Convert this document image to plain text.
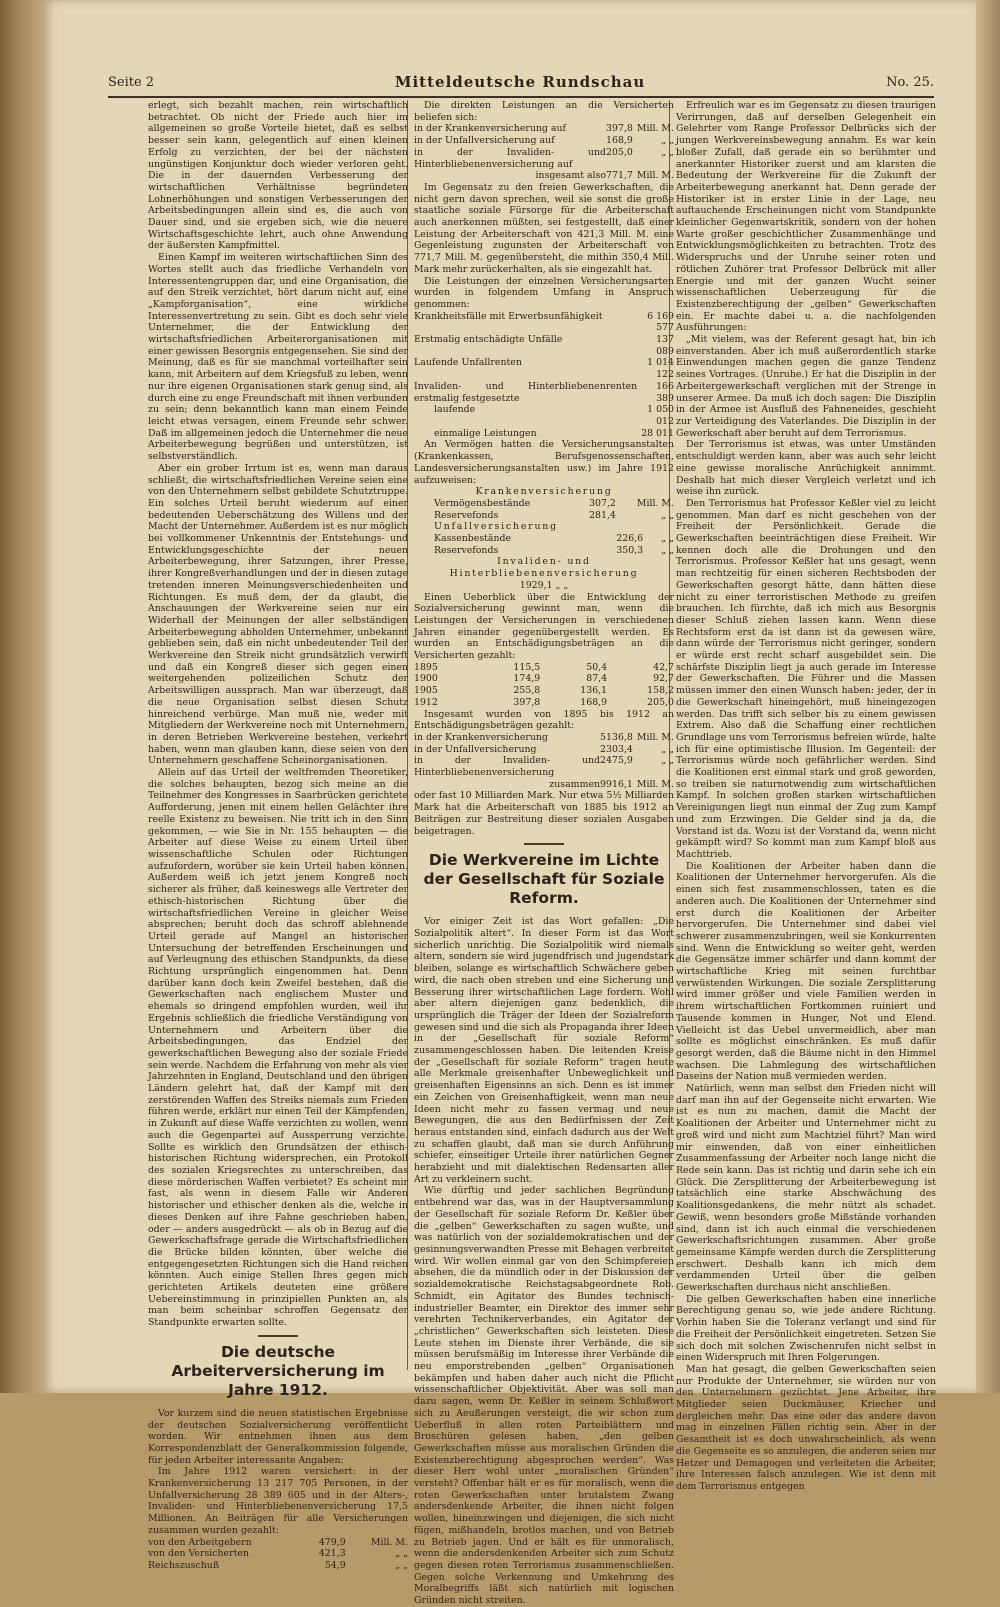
Seite 2	Mitteldeutsche Rundschau	No. 25.

erlegt, sich bezahlt machen, rein wirtschaftlich betrachtet. Ob nicht der Friede auch hier im allgemeinen so große Vorteile bietet, daß es selbst besser sein kann, gelegentlich auf einen kleinen Erfolg zu verzichten, der bei der nächsten ungünstigen Konjunktur doch wieder verloren geht. Die in der dauernden Verbesserung der wirtschaftlichen Verhältnisse begründeten Lohnerhöhungen und sonstigen Verbesserungen der Arbeitsbedingungen allein sind es, die auch von Dauer sind, und sie ergeben sich, wie die neuere Wirtschaftsgeschichte lehrt, auch ohne Anwendung der äußersten Kampfmittel.

Einen Kampf im weiteren wirtschaftlichen Sinn des Wortes stellt auch das friedliche Verhandeln von Interessentengruppen dar, und eine Organisation, die auf den Streik verzichtet, hört darum nicht auf, eine „Kampforganisation“, eine wirkliche Interessenvertretung zu sein. Gibt es doch sehr viele Unternehmer, die der Entwicklung der wirtschaftsfriedlichen Arbeiterorganisationen mit einer gewissen Besorgnis entgegensehen. Sie sind der Meinung, daß es für sie manchmal vorteilhafter sein kann, mit Arbeitern auf dem Kriegsfuß zu leben, wenn nur ihre eigenen Organisationen stark genug sind, als durch eine zu enge Freundschaft mit ihnen verbunden zu sein; denn bekanntlich kann man einem Feinde leicht etwas versagen, einem Freunde sehr schwer. Daß im allgemeinen jedoch die Unternehmer die neue Arbeiterbewegung begrüßen und unterstützen, ist selbstverständlich.

Aber ein grober Irrtum ist es, wenn man daraus schließt, die wirtschaftsfriedlichen Vereine seien eine von den Unternehmern selbst gebildete Schutztruppe. Ein solches Urteil beruht wiederum auf einer bedeutenden Ueberschätzung des Willens und der Macht der Unternehmer. Außerdem ist es nur möglich bei vollkommener Unkenntnis der Entstehungs- und Entwicklungsgeschichte der neuen Arbeiterbewegung, ihrer Satzungen, ihrer Presse, ihrer Kongreßverhandlungen und der in diesen zutage tretenden inneren Meinungsverschiedenheiten und Richtungen. Es muß dem, der da glaubt, die Anschauungen der Werkvereine seien nur ein Widerhall der Meinungen der aller selbständigen Arbeiterbewegung abholden Unternehmer, unbekannt geblieben sein, daß ein nicht unbedeutender Teil der Werkvereine den Streik nicht grundsätzlich verwirft und daß ein Kongreß dieser sich gegen einen weitergehenden polizeilichen Schutz der Arbeitswilligen aussprach. Man war überzeugt, daß die neue Organisation selbst diesen Schutz hinreichend verbürge. Man muß nie, weder mit Mitgliedern der Werkvereine noch mit Unternehmern, in deren Betrieben Werkvereine bestehen, verkehrt haben, wenn man glauben kann, diese seien von den Unternehmern geschaffene Scheinorganisationen.

Allein auf das Urteil der weltfremden Theoretiker, die solches behaupten, bezog sich meine an die Teilnehmer des Kongresses in Saarbrücken gerichtete Aufforderung, jenen mit einem hellen Gelächter ihre reelle Existenz zu beweisen. Nie tritt ich in den Sinn gekommen, — wie Sie in Nr. 155 behaupten — die Arbeiter auf diese Weise zu einem Urteil über wissenschaftliche Schulen oder Richtungen aufzufordern, worüber sie kein Urteil haben können. Außerdem weiß ich jetzt jenem Kongreß noch sicherer als früher, daß keineswegs alle Vertreter der ethisch-historischen Richtung über die wirtschaftsfriedlichen Vereine in gleicher Weise absprechen; beruht doch das schroff ablehnende Urteil gerade auf Mangel an historischer Untersuchung der betreffenden Erscheinungen und auf Verleugnung des ethischen Standpunkts, da diese Richtung ursprünglich eingenommen hat. Denn darüber kann doch kein Zweifel bestehen, daß die Gewerkschaften nach englischem Muster und ehemals so dringend empfohlen wurden, weil ihr Ergebnis schließlich die friedliche Verständigung von Unternehmern und Arbeitern über die Arbeitsbedingungen, das Endziel der gewerkschaftlichen Bewegung also der soziale Friede sein werde. Nachdem die Erfahrung von mehr als vier Jahrzehnten in England, Deutschland und den übrigen Ländern gelehrt hat, daß der Kampf mit den zerstörenden Waffen des Streiks niemals zum Frieden führen werde, erklärt nur einen Teil der Kämpfenden, in Zukunft auf diese Waffe verzichten zu wollen, wenn auch die Gegenpartei auf Aussperrung verzichte. Sollte es wirklich den Grundsätzen der ethisch-historischen Richtung widersprechen, ein Protokoll des sozialen Kriegsrechtes zu unterschreiben, das diese mörderischen Waffen verbietet? Es scheint mir fast, als wenn in diesem Falle wir Anderen historischer und ethischer denken als die, welche in dieses Denken auf ihre Fahne geschrieben haben, oder — anders ausgedrückt — als ob in Bezug auf die Gewerkschaftsfrage gerade die Wirtschaftsfriedlichen die Brücke bilden könnten, über welche die entgegengesetzten Richtungen sich die Hand reichen könnten. Auch einige Stellen Ihres gegen mich gerichteten Artikels deuteten eine größere Uebereinstimmung in prinzipiellen Punkten an, als man beim scheinbar schroffen Gegensatz der Standpunkte erwarten sollte.

Die deutsche Arbeiterversicherung im Jahre 1912.

Vor kurzem sind die neuen statistischen Ergebnisse der deutschen Sozialversicherung veröffentlicht worden. Wir entnehmen ihnen aus dem Korrespondenzblatt der Generalkommission folgende, für jeden Arbeiter interessante Angaben:

Im Jahre 1912 waren versichert: in der Krankenversicherung 13 217 705 Personen, in der Unfallversicherung 28 389 605 und in der Alters-, Invaliden- und Hinterbliebenenversicherung 17,5 Millionen. An Beiträgen für alle Versicherungen zusammen wurden gezahlt:

von den Arbeitgebern	479,9	Mill. M.
von den Versicherten	421,3	„ „
Reichszuschuß	54,9	„ „

Die direkten Leistungen an die Versicherten beliefen sich:

in der Krankenversicherung auf	397,8	Mill. M.
in der Unfallversicherung auf	168,9	„ „
in der Invaliden- und Hinterbliebenenversicherung auf	205,0	„ „
insgesamt also	771,7	Mill. M.

Im Gegensatz zu den freien Gewerkschaften, die nicht gern davon sprechen, weil sie sonst die große staatliche soziale Fürsorge für die Arbeiterschaft auch anerkennen müßten, sei festgestellt, daß einer Leistung der Arbeiterschaft von 421,3 Mill. M. eine Gegenleistung zugunsten der Arbeiterschaft von 771,7 Mill. M. gegenübersteht, die mithin 350,4 Mill. Mark mehr zurückerhalten, als sie eingezahlt hat.

Die Leistungen der einzelnen Versicherungsarten wurden in folgendem Umfang in Anspruch genommen:

Krankheitsfälle mit Erwerbsunfähigkeit	6 169 577
Erstmalig entschädigte Unfälle	137 089
Laufende Unfallrenten	1 014 122
Invaliden- und Hinterbliebenenrenten erstmalig festgesetzte	166 389
laufende	1 050 012
einmalige Leistungen	28 011

An Vermögen hatten die Versicherungsanstalten (Krankenkassen, Berufsgenossenschaften, Landesversicherungsanstalten usw.) im Jahre 1912 aufzuweisen:

Krankenversicherung

Vermögensbestände	307,2	Mill. M.
Reservefonds	281,4	„ „

Unfallversicherung

Kassenbestände	226,6	„ „
Reservefonds	350,3	„ „

Invaliden- und Hinterbliebenenversicherung

1929,1 „ „

Einen Ueberblick über die Entwicklung der Sozialversicherung gewinnt man, wenn die Leistungen der Versicherungen in verschiedenen Jahren einander gegenübergestellt werden. Es wurden an Entschädigungsbeträgen an die Versicherten gezahlt:

1895	115,5	50,4	42,7
1900	174,9	87,4	92,7
1905	255,8	136,1	158,2
1912	397,8	168,9	205,0

Insgesamt wurden von 1895 bis 1912 an Entschädigungsbeträgen gezahlt:

in der Krankenversicherung	5136,8	Mill. M.
in der Unfallversicherung	2303,4	„ „
in der Invaliden- und Hinterbliebenenversicherung	2475,9	„ „
zusammen	9916,1	Mill. M.

oder fast 10 Milliarden Mark. Nur etwa 5½ Milliarden Mark hat die Arbeiterschaft von 1885 bis 1912 an Beiträgen zur Bestreitung dieser sozialen Ausgaben beigetragen.

Die Werkvereine im Lichte der Gesellschaft für Soziale Reform.

Vor einiger Zeit ist das Wort gefallen: „Die Sozialpolitik altert“. In dieser Form ist das Wort sicherlich unrichtig. Die Sozialpolitik wird niemals altern, sondern sie wird jugendfrisch und jugendstark bleiben, solange es wirtschaftlich Schwächere geben wird, die nach oben streben und eine Sicherung und Besserung ihrer wirtschaftlichen Lage fordern. Wohl aber altern diejenigen ganz bedenklich, die ursprünglich die Träger der Ideen der Sozialreform gewesen sind und die sich als Propaganda ihrer Ideen in der „Gesellschaft für soziale Reform“ zusammengeschlossen haben. Die leitenden Kreise der „Gesellschaft für soziale Reform“ tragen heute alle Merkmale greisenhafter Unbeweglichkeit und greisenhaften Eigensinns an sich. Denn es ist immer ein Zeichen von Greisenhaftigkeit, wenn man neue Ideen nicht mehr zu fassen vermag und neue Bewegungen, die aus den Bedürfnissen der Zeit heraus entstanden sind, einfach dadurch aus der Welt zu schaffen glaubt, daß man sie durch Anführung schiefer, einseitiger Urteile ihrer natürlichen Gegner herabzieht und mit dialektischen Redensarten aller Art zu verkleinern sucht.

Wie dürftig und jeder sachlichen Begründung entbehrend war das, was in der Hauptversammlung der Gesellschaft für soziale Reform Dr. Keßler über die „gelben“ Gewerkschaften zu sagen wußte, und was natürlich von der sozialdemokratischen und der gesinnungsverwandten Presse mit Behagen verbreitet wird. Wir wollen einmal gar von den Schimpfereien absehen, die da mündlich oder in der Diskussion der sozialdemokratische Reichstagsabgeordnete Rob. Schmidt, ein Agitator des Bundes technisch-industrieller Beamter, ein Direktor des immer sehr verehrten Technikerverbandes, ein Agitator der „christlichen“ Gewerkschaften sich leisteten. Diese Leute stehen im Dienste ihrer Verbände, die sie müssen berufsmäßig im Interesse ihrer Verbände die neu emporstrebenden „gelben“ Organisationen bekämpfen und haben daher auch nicht die Pflicht wissenschaftlicher Objektivität. Aber was soll man dazu sagen, wenn Dr. Keßler in seinem Schlußwort sich zu Aeußerungen versteigt, die wir schon zum Ueberfluß in allen roten Parteiblättern und Broschüren gelesen haben, „den gelben Gewerkschaften müsse aus moralischen Gründen die Existenzberechtigung abgesprochen werden“. Was dieser Herr wohl unter „moralischen Gründen“ versteht? Offenbar hält er es für moralisch, wenn die roten Gewerkschaften unter brutalstem Zwang andersdenkende Arbeiter, die ihnen nicht folgen wollen, hineinzwingen und diejenigen, die sich nicht fügen, mißhandeln, brotlos machen, und von Betrieb zu Betrieb jagen. Und er hält es für unmoralisch, wenn die andersdenkenden Arbeiter sich zum Schutz gegen diesen roten Terrorismus zusammenschließen. Gegen solche Verkennung und Umkehrung des Moralbegriffs läßt sich natürlich mit logischen Gründen nicht streiten.

Erfreulich war es im Gegensatz zu diesen traurigen Verirrungen, daß auf derselben Gelegenheit ein Gelehrter vom Range Professor Delbrücks sich der jungen Werkvereinsbewegung annahm. Es war kein bloßer Zufall, daß gerade ein so berühmter und anerkannter Historiker zuerst und am klarsten die Bedeutung der Werkvereine für die Zukunft der Arbeiterbewegung anerkannt hat. Denn gerade der Historiker ist in erster Linie in der Lage, neu auftauchende Erscheinungen nicht vom Standpunkte kleinlicher Gegenwartskritik, sondern von der hohen Warte großer geschichtlicher Zusammenhänge und Entwicklungsmöglichkeiten zu betrachten. Trotz des Widerspruchs und der Unruhe seiner roten und rötlichen Zuhörer trat Professor Delbrück mit aller Energie und mit der ganzen Wucht seiner wissenschaftlichen Ueberzeugung für die Existenzberechtigung der „gelben“ Gewerkschaften ein. Er machte dabei u. a. die nachfolgenden Ausführungen:

„Mit vielem, was der Referent gesagt hat, bin ich einverstanden. Aber ich muß außerordentlich starke Einwendungen machen gegen die ganze Tendenz seines Vortrages. (Unruhe.) Er hat die Disziplin in der Arbeitergewerkschaft verglichen mit der Strenge in unserer Armee. Da muß ich doch sagen: Die Disziplin in der Armee ist Ausfluß des Fahneneides, geschieht zur Verteidigung des Vaterlandes. Die Disziplin in der Gewerkschaft aber beruht auf dem Terrorismus.

Der Terrorismus ist etwas, was unter Umständen entschuldigt werden kann, aber was auch sehr leicht eine gewisse moralische Anrüchigkeit annimmt. Deshalb hat mich dieser Vergleich verletzt und ich weise ihn zurück.

Den Terrorismus hat Professor Keßler viel zu leicht genommen. Man darf es nicht geschehen von der Freiheit der Persönlichkeit. Gerade die Gewerkschaften beeinträchtigen diese Freiheit. Wir kennen doch alle die Drohungen und den Terrorismus. Professor Keßler hat uns gesagt, wenn man rechtzeitig für einen sicheren Rechtsboden der Gewerkschaften gesorgt hätte, dann hätten diese nicht zu einer terroristischen Methode zu greifen brauchen. Ich fürchte, daß ich mich aus Besorgnis dieser Schluß ziehen lassen kann. Wenn diese Rechtsform erst da ist dann ist da gewesen wäre, dann würde der Terrorismus nicht geringer, sondern er würde erst recht scharf ausgebildet sein. Die schärfste Disziplin liegt ja auch gerade im Interesse der Gewerkschaften. Die Führer und die Massen müssen immer den einen Wunsch haben: jeder, der in die Gewerkschaft hineingehört, muß hineingezogen werden. Das trifft sich selber bis zu einem gewissen Extrem. Also daß die Schaffung einer rechtlichen Grundlage uns vom Terrorismus befreien würde, halte ich für eine optimistische Illusion. Im Gegenteil: der Terrorismus würde noch gefährlicher werden. Sind die Koalitionen erst einmal stark und groß geworden, so treiben sie naturnotwendig zum wirtschaftlichen Kampf. In solchen großen starken wirtschaftlichen Vereinigungen liegt nun einmal der Zug zum Kampf und zum Erzwingen. Die Gelder sind ja da, die Vorstand ist da. Wozu ist der Vorstand da, wenn nicht gekämpft wird? So kommt man zum Kampf bloß aus Machttrieb.

Die Koalitionen der Arbeiter haben dann die Koalitionen der Unternehmer hervorgerufen. Als die einen sich fest zusammenschlossen, taten es die anderen auch. Die Koalitionen der Unternehmer sind erst durch die Koalitionen der Arbeiter hervorgerufen. Die Unternehmer sind dabei viel schwerer zusammenzubringen, weil sie Konkurrenten sind. Wenn die Entwicklung so weiter geht, werden die Gegensätze immer schärfer und dann kommt der wirtschaftliche Krieg mit seinen furchtbar verwüstenden Wirkungen. Die soziale Zersplitterung wird immer größer und viele Familien werden in ihrem wirtschaftlichen Fortkommen ruiniert und Tausende kommen in Hunger, Not und Elend. Vielleicht ist das Uebel unvermeidlich, aber man sollte es möglichst einschränken. Es muß dafür gesorgt werden, daß die Bäume nicht in den Himmel wachsen. Die Lahmlegung des wirtschaftlichen Daseins der Nation muß vermieden werden.

Natürlich, wenn man selbst den Frieden nicht will darf man ihn auf der Gegenseite nicht erwarten. Wie ist es nun zu machen, damit die Macht der Koalitionen der Arbeiter und Unternehmer nicht zu groß wird und nicht zum Machtziel führt? Man wird mir einwenden, daß von einer einheitlichen Zusammenfassung der Arbeiter noch lange nicht die Rede sein kann. Das ist richtig und darin sehe ich ein Glück. Die Zersplitterung der Arbeiterbewegung ist tatsächlich eine starke Abschwächung des Koalitionsgedankens, die mehr nützt als schadet. Gewiß, wenn besonders große Mißstände vorhanden sind, dann ist ich auch einmal die verschiedenen Gewerkschaftsrichtungen zusammen. Aber große gemeinsame Kämpfe werden durch die Zersplitterung erschwert. Deshalb kann ich mich dem verdammenden Urteil über die gelben Gewerkschaften durchaus nicht anschließen.

Die gelben Gewerkschaften haben eine innerliche Berechtigung genau so, wie jede andere Richtung. Vorhin haben Sie die Toleranz verlangt und sind für die Freiheit der Persönlichkeit eingetreten. Setzen Sie sich doch mit solchen Zwischenrufen nicht selbst in einen Widerspruch mit Ihren Folgerungen.

Man hat gesagt, die gelben Gewerkschaften seien nur Produkte der Unternehmer, sie würden nur von den Unternehmern gezüchtet. Jene Arbeiter, ihre Mitglieder seien Duckmäuser, Kriecher und dergleichen mehr. Das eine oder das andere davon mag in einzelnen Fällen richtig sein. Aber in der Gesamtheit ist es doch unwahrscheinlich, als wenn die Gegenseite es so anzulegen, die anderen seien nur Hetzer und Demagogen und verleiteten die Arbeiter, ihre Interessen falsch anzulegen. Wie ist denn mit dem Terrorismus entgegen
